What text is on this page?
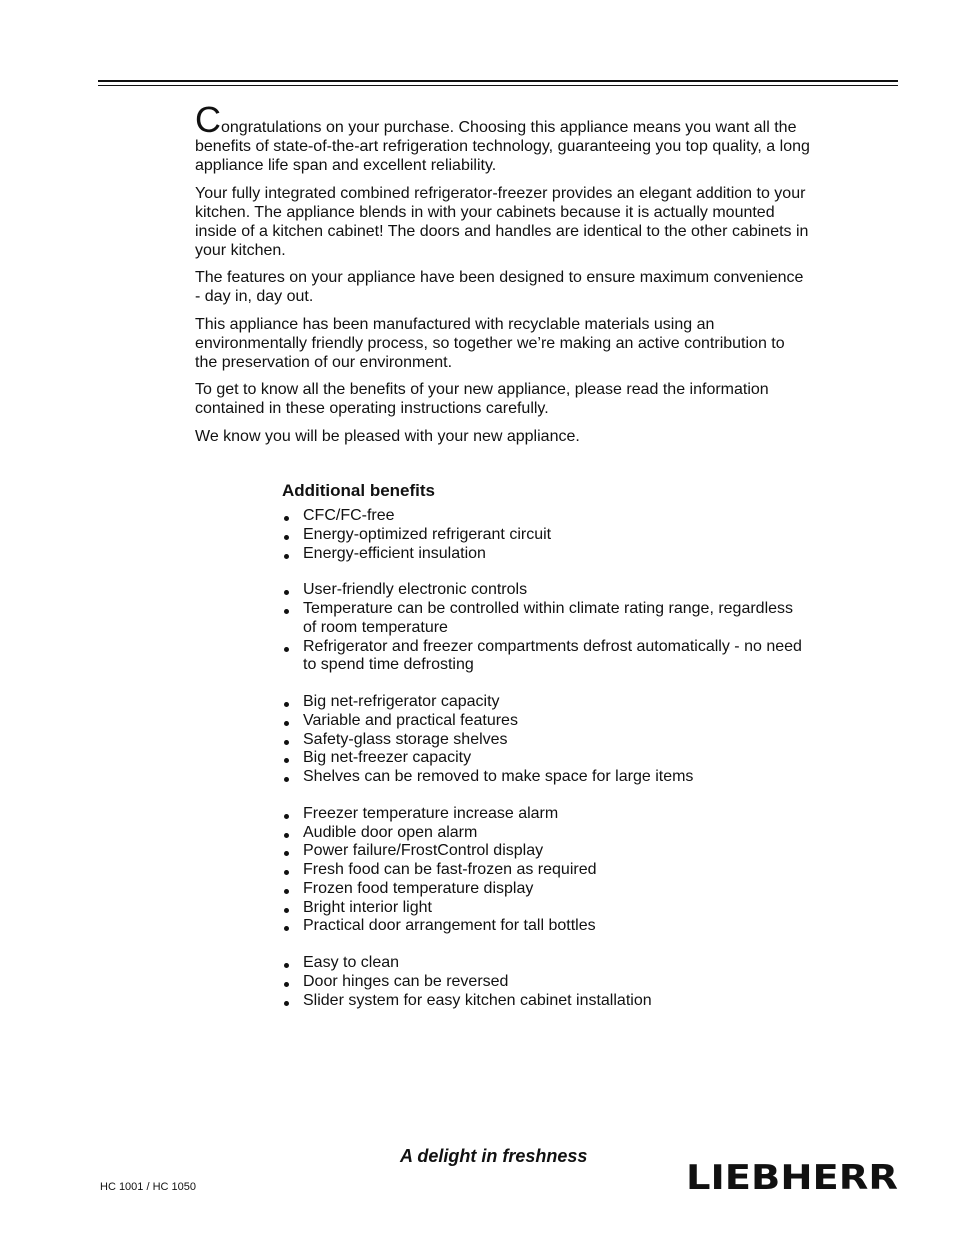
Congratulations on your purchase. Choosing this appliance means you want all the benefits of state-of-the-art refrigeration technology, guaranteeing you top quality, a long appliance life span and excellent reliability.

Your fully integrated combined refrigerator-freezer provides an elegant addition to your kitchen. The appliance blends in with your cabinets because it is actually mounted inside of a kitchen cabinet! The doors and handles are identical to the other cabinets in your kitchen.

The features on your appliance have been designed to ensure maximum convenience - day in, day out.

This appliance has been manufactured with recyclable materials using an environmentally friendly process, so together we’re making an active contribution to the preservation of our environment.

To get to know all the benefits of your new appliance, please read the information contained in these operating instructions carefully.

We know you will be pleased with your new appliance.

Additional benefits
CFC/FC-free
Energy-optimized refrigerant circuit
Energy-efficient insulation
User-friendly electronic controls
Temperature can be controlled within climate rating range, regardless of room temperature
Refrigerator and freezer compartments defrost automatically - no need to spend time defrosting
Big net-refrigerator capacity
Variable and practical features
Safety-glass storage shelves
Big net-freezer capacity
Shelves can be removed to make space for large items
Freezer temperature increase alarm
Audible door open alarm
Power failure/FrostControl display
Fresh food can be fast-frozen as required
Frozen food temperature display
Bright interior light
Practical door arrangement for tall bottles
Easy to clean
Door hinges can be reversed
Slider system for easy kitchen cabinet installation
A delight in freshness
HC 1001 / HC 1050	LIEBHERR
